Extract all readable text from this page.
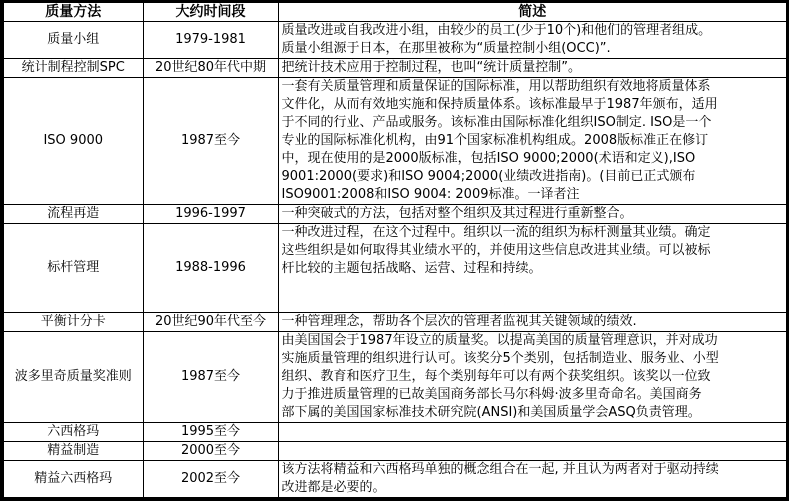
质量方法	大约时间段	简述
质量小组	1979-1981	质量改进或自我改进小组，由较少的员工(少于10个)和他们的管理者组成。
质量小组源于日本，在那里被称为“质量控制小组(OCC)”.

统计制程控制SPC	20世纪80年代中期	把统计技术应用于控制过程，也叫“统计质量控制”。

ISO 9000	1987至今	
一套有关质量管理和质量保证的国际标准，用以帮助组织有效地将质量体系
文件化，从而有效地实施和保持质量体系。该标准最早于1987年颁布，适用
于不同的行业、产品或服务。该标准由国际标准化组织ISO制定. ISO是一个
专业的国际标准化机构，由91个国家标准机构组成。2008版标准正在修订
中，现在使用的是2000版标准，包括ISO 9000;2000(术语和定义),ISO
9001:2000(要求)和ISO 9004;2000(业绩改进指南)。(目前已正式颁布
ISO9001:2008和ISO 9004: 2009标准。一译者注

流程再造	1996-1997	一种突破式的方法，包括对整个组织及其过程进行重新整合。

标杆管理	1988-1996	一种改进过程，在这个过程中。组织以一流的组织为标杆测量其业绩。确定
这些组织是如何取得其业绩水平的，并使用这些信息改进其业绩。可以被标
杆比较的主题包括战略、运营、过程和持续。

平衡计分卡	20世纪90年代至今	一种管理理念，帮助各个层次的管理者监视其关键领域的绩效.

波多里奇质量奖准则	1987至今	由美国国会于1987年设立的质量奖。以提高美国的质量管理意识，并对成功
实施质量管理的组织进行认可。该奖分5个类别，包括制造业、服务业、小型
组织、教育和医疗卫生，每个类别每年可以有两个获奖组织。该奖以一位致
力于推进质量管理的已故美国商务部长马尔科姆·波多里奇命名。美国商务
部下属的美国国家标准技术研究院(ANSI)和美国质量学会ASQ负责管理。

六西格玛	1995至今	
精益制造	2000至今	
精益六西格玛	2002至今	该方法将精益和六西格玛单独的概念组合在一起, 并且认为两者对于驱动持续
改进都是必要的。
